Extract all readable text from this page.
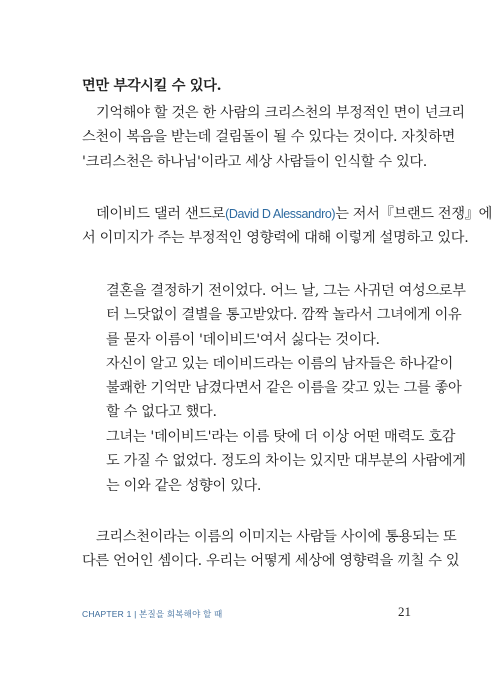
면만 부각시킬 수 있다.
기억해야 할 것은 한 사람의 크리스천의 부정적인 면이 넌크리
스천이 복음을 받는데 걸림돌이 될 수 있다는 것이다. 자칫하면
'크리스천은 하나님'이라고 세상 사람들이 인식할 수 있다.
데이비드 댈러 샌드로(David D Alessandro)는 저서『브랜드 전쟁』에
서 이미지가 주는 부정적인 영향력에 대해 이렇게 설명하고 있다.
결혼을 결정하기 전이었다. 어느 날, 그는 사귀던 여성으로부
터 느닷없이 결별을 통고받았다. 깜짝 놀라서 그녀에게 이유
를 묻자 이름이 '데이비드'여서 싫다는 것이다.
자신이 알고 있는 데이비드라는 이름의 남자들은 하나같이
불쾌한 기억만 남겼다면서 같은 이름을 갖고 있는 그를 좋아
할 수 없다고 했다.
그녀는 '데이비드'라는 이름 탓에 더 이상 어떤 매력도 호감
도 가질 수 없었다. 정도의 차이는 있지만 대부분의 사람에게
는 이와 같은 성향이 있다.
크리스천이라는 이름의 이미지는 사람들 사이에 통용되는 또
다른 언어인 셈이다. 우리는 어떻게 세상에 영향력을 끼칠 수 있
CHAPTER 1 | 본질을 회복해야 할 때	21
